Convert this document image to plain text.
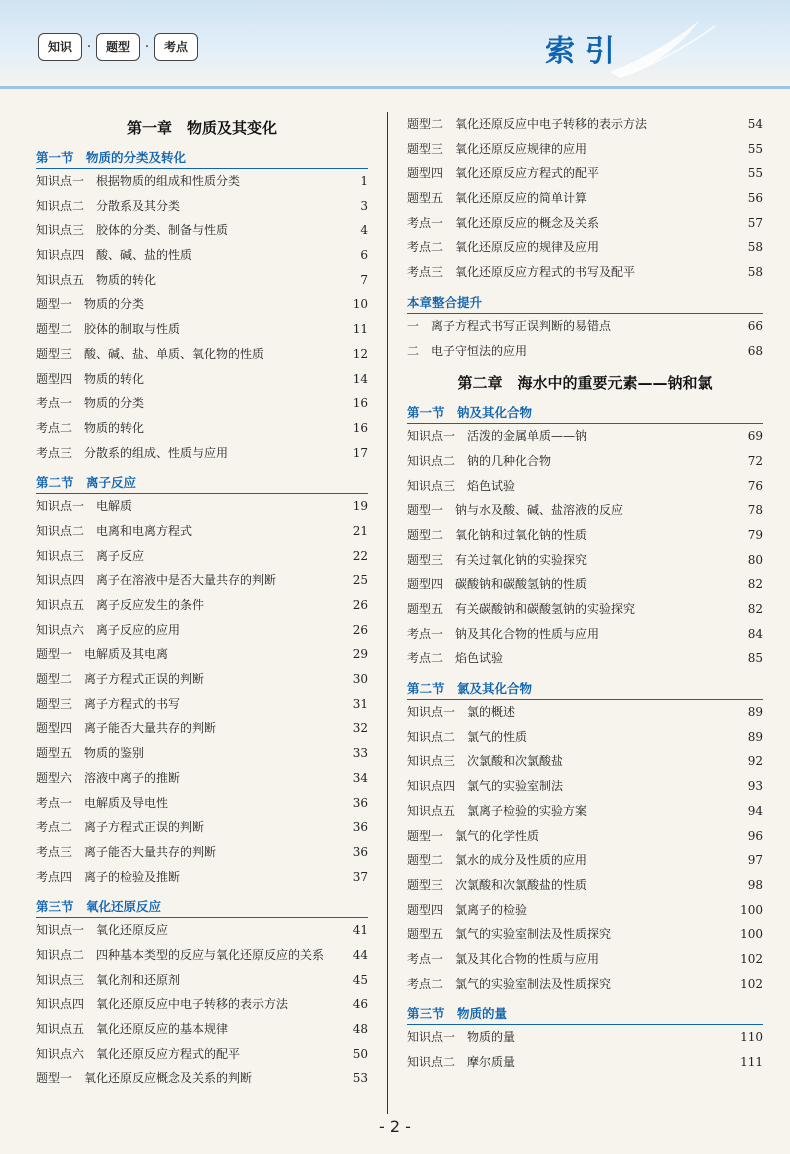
知识	·	题型	·	考点	索引
第一章　物质及其变化
第一节　物质的分类及转化
知识点一　根据物质的组成和性质分类	1
知识点二　分散系及其分类	3
知识点三　胶体的分类、制备与性质	4
知识点四　酸、碱、盐的性质	6
知识点五　物质的转化	7
题型一　物质的分类	10
题型二　胶体的制取与性质	11
题型三　酸、碱、盐、单质、氧化物的性质	12
题型四　物质的转化	14
考点一　物质的分类	16
考点二　物质的转化	16
考点三　分散系的组成、性质与应用	17
第二节　离子反应
知识点一　电解质	19
知识点二　电离和电离方程式	21
知识点三　离子反应	22
知识点四　离子在溶液中是否大量共存的判断	25
知识点五　离子反应发生的条件	26
知识点六　离子反应的应用	26
题型一　电解质及其电离	29
题型二　离子方程式正误的判断	30
题型三　离子方程式的书写	31
题型四　离子能否大量共存的判断	32
题型五　物质的鉴别	33
题型六　溶液中离子的推断	34
考点一　电解质及导电性	36
考点二　离子方程式正误的判断	36
考点三　离子能否大量共存的判断	36
考点四　离子的检验及推断	37
第三节　氧化还原反应
知识点一　氧化还原反应	41
知识点二　四种基本类型的反应与氧化还原反应的关系	44
知识点三　氧化剂和还原剂	45
知识点四　氧化还原反应中电子转移的表示方法	46
知识点五　氧化还原反应的基本规律	48
知识点六　氧化还原反应方程式的配平	50
题型一　氧化还原反应概念及关系的判断	53
题型二　氧化还原反应中电子转移的表示方法	54
题型三　氧化还原反应规律的应用	55
题型四　氧化还原反应方程式的配平	55
题型五　氧化还原反应的简单计算	56
考点一　氧化还原反应的概念及关系	57
考点二　氧化还原反应的规律及应用	58
考点三　氧化还原反应方程式的书写及配平	58
本章整合提升
一　离子方程式书写正误判断的易错点	66
二　电子守恒法的应用	68
第二章　海水中的重要元素——钠和氯
第一节　钠及其化合物
知识点一　活泼的金属单质——钠	69
知识点二　钠的几种化合物	72
知识点三　焰色试验	76
题型一　钠与水及酸、碱、盐溶液的反应	78
题型二　氧化钠和过氧化钠的性质	79
题型三　有关过氧化钠的实验探究	80
题型四　碳酸钠和碳酸氢钠的性质	82
题型五　有关碳酸钠和碳酸氢钠的实验探究	82
考点一　钠及其化合物的性质与应用	84
考点二　焰色试验	85
第二节　氯及其化合物
知识点一　氯的概述	89
知识点二　氯气的性质	89
知识点三　次氯酸和次氯酸盐	92
知识点四　氯气的实验室制法	93
知识点五　氯离子检验的实验方案	94
题型一　氯气的化学性质	96
题型二　氯水的成分及性质的应用	97
题型三　次氯酸和次氯酸盐的性质	98
题型四　氯离子的检验	100
题型五　氯气的实验室制法及性质探究	100
考点一　氯及其化合物的性质与应用	102
考点二　氯气的实验室制法及性质探究	102
第三节　物质的量
知识点一　物质的量	110
知识点二　摩尔质量	111
- 2 -
